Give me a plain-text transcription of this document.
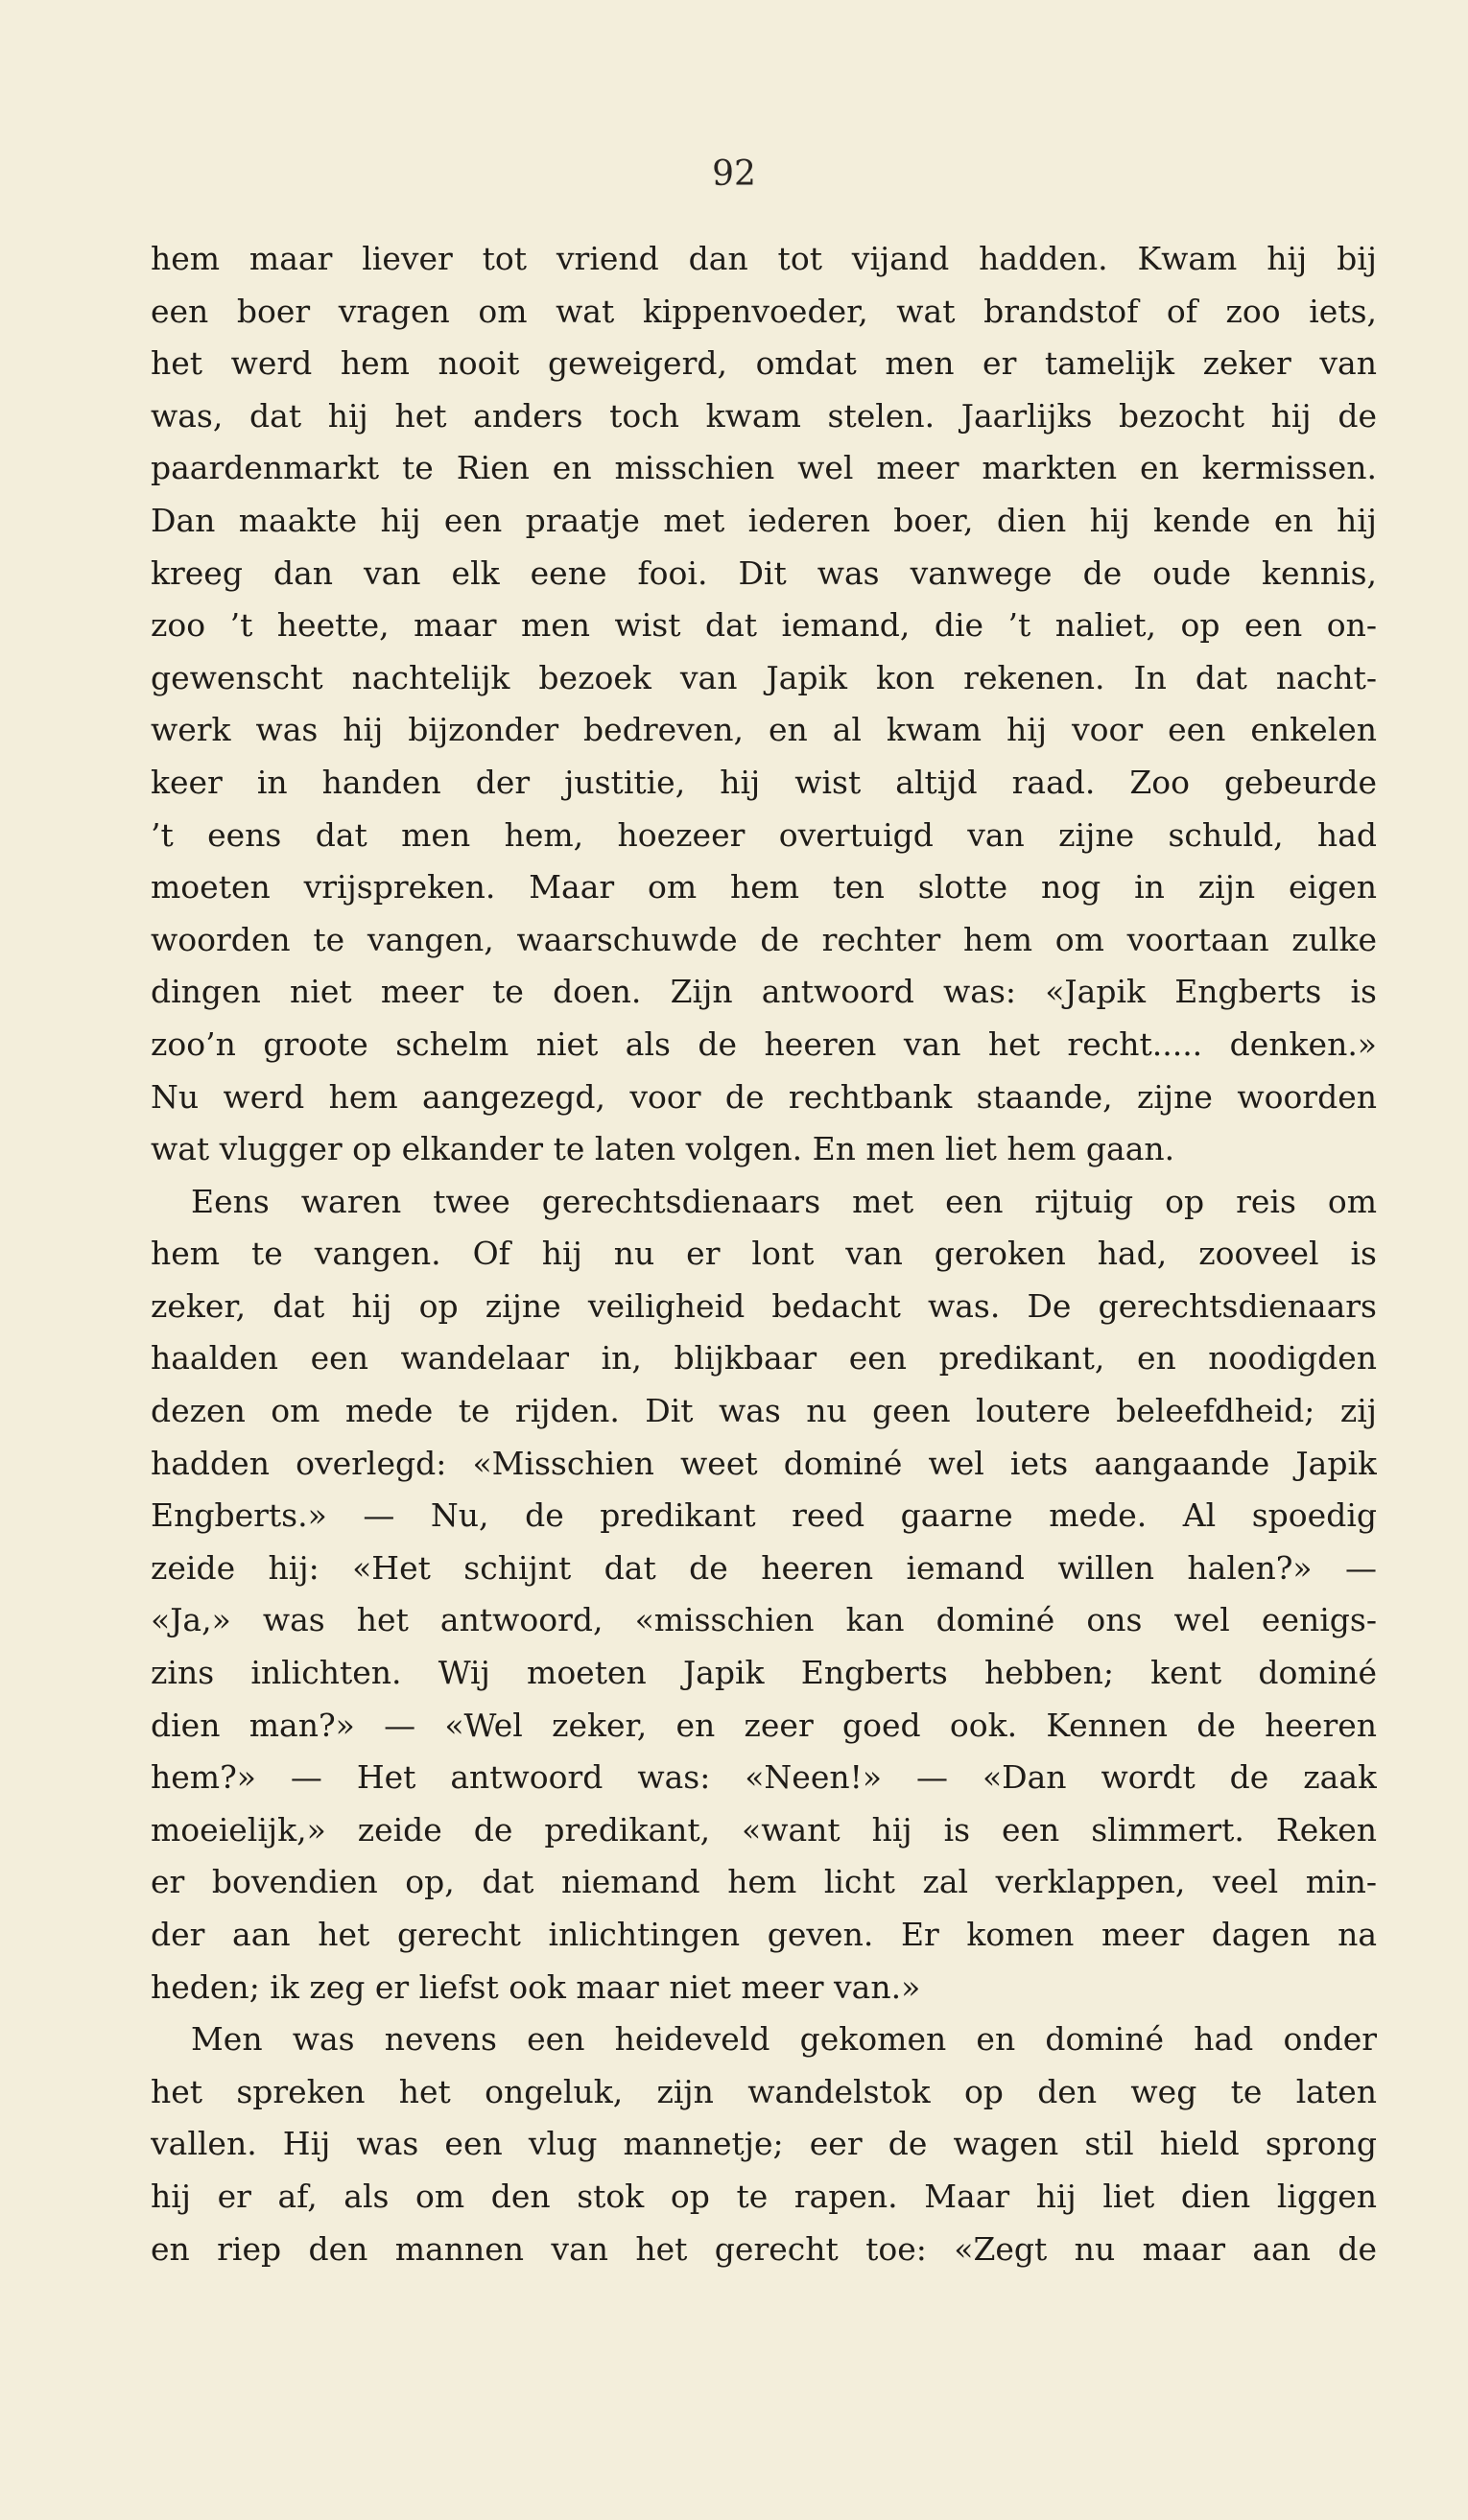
92
hem maar liever tot vriend dan tot vijand hadden. Kwam hij bij
een boer vragen om wat kippenvoeder, wat brandstof of zoo iets,
het werd hem nooit geweigerd, omdat men er tamelijk zeker van
was, dat hij het anders toch kwam stelen. Jaarlijks bezocht hij de
paardenmarkt te Rien en misschien wel meer markten en kermissen.
Dan maakte hij een praatje met iederen boer, dien hij kende en hij
kreeg dan van elk eene fooi. Dit was vanwege de oude kennis,
zoo ’t heette, maar men wist dat iemand, die ’t naliet, op een on-
gewenscht nachtelijk bezoek van Japik kon rekenen. In dat nacht-
werk was hij bijzonder bedreven, en al kwam hij voor een enkelen
keer in handen der justitie, hij wist altijd raad. Zoo gebeurde
’t eens dat men hem, hoezeer overtuigd van zijne schuld, had
moeten vrijspreken. Maar om hem ten slotte nog in zijn eigen
woorden te vangen, waarschuwde de rechter hem om voortaan zulke
dingen niet meer te doen. Zijn antwoord was: «Japik Engberts is
zoo’n groote schelm niet als de heeren van het recht..... denken.»
Nu werd hem aangezegd, voor de rechtbank staande, zijne woorden
wat vlugger op elkander te laten volgen. En men liet hem gaan.
Eens waren twee gerechtsdienaars met een rijtuig op reis om
hem te vangen. Of hij nu er lont van geroken had, zooveel is
zeker, dat hij op zijne veiligheid bedacht was. De gerechtsdienaars
haalden een wandelaar in, blijkbaar een predikant, en noodigden
dezen om mede te rijden. Dit was nu geen loutere beleefdheid; zij
hadden overlegd: «Misschien weet dominé wel iets aangaande Japik
Engberts.» — Nu, de predikant reed gaarne mede. Al spoedig
zeide hij: «Het schijnt dat de heeren iemand willen halen?» —
«Ja,» was het antwoord, «misschien kan dominé ons wel eenigs-
zins inlichten. Wij moeten Japik Engberts hebben; kent dominé
dien man?» — «Wel zeker, en zeer goed ook. Kennen de heeren
hem?» — Het antwoord was: «Neen!» — «Dan wordt de zaak
moeielijk,» zeide de predikant, «want hij is een slimmert. Reken
er bovendien op, dat niemand hem licht zal verklappen, veel min-
der aan het gerecht inlichtingen geven. Er komen meer dagen na
heden; ik zeg er liefst ook maar niet meer van.»
Men was nevens een heideveld gekomen en dominé had onder
het spreken het ongeluk, zijn wandelstok op den weg te laten
vallen. Hij was een vlug mannetje; eer de wagen stil hield sprong
hij er af, als om den stok op te rapen. Maar hij liet dien liggen
en riep den mannen van het gerecht toe: «Zegt nu maar aan de
